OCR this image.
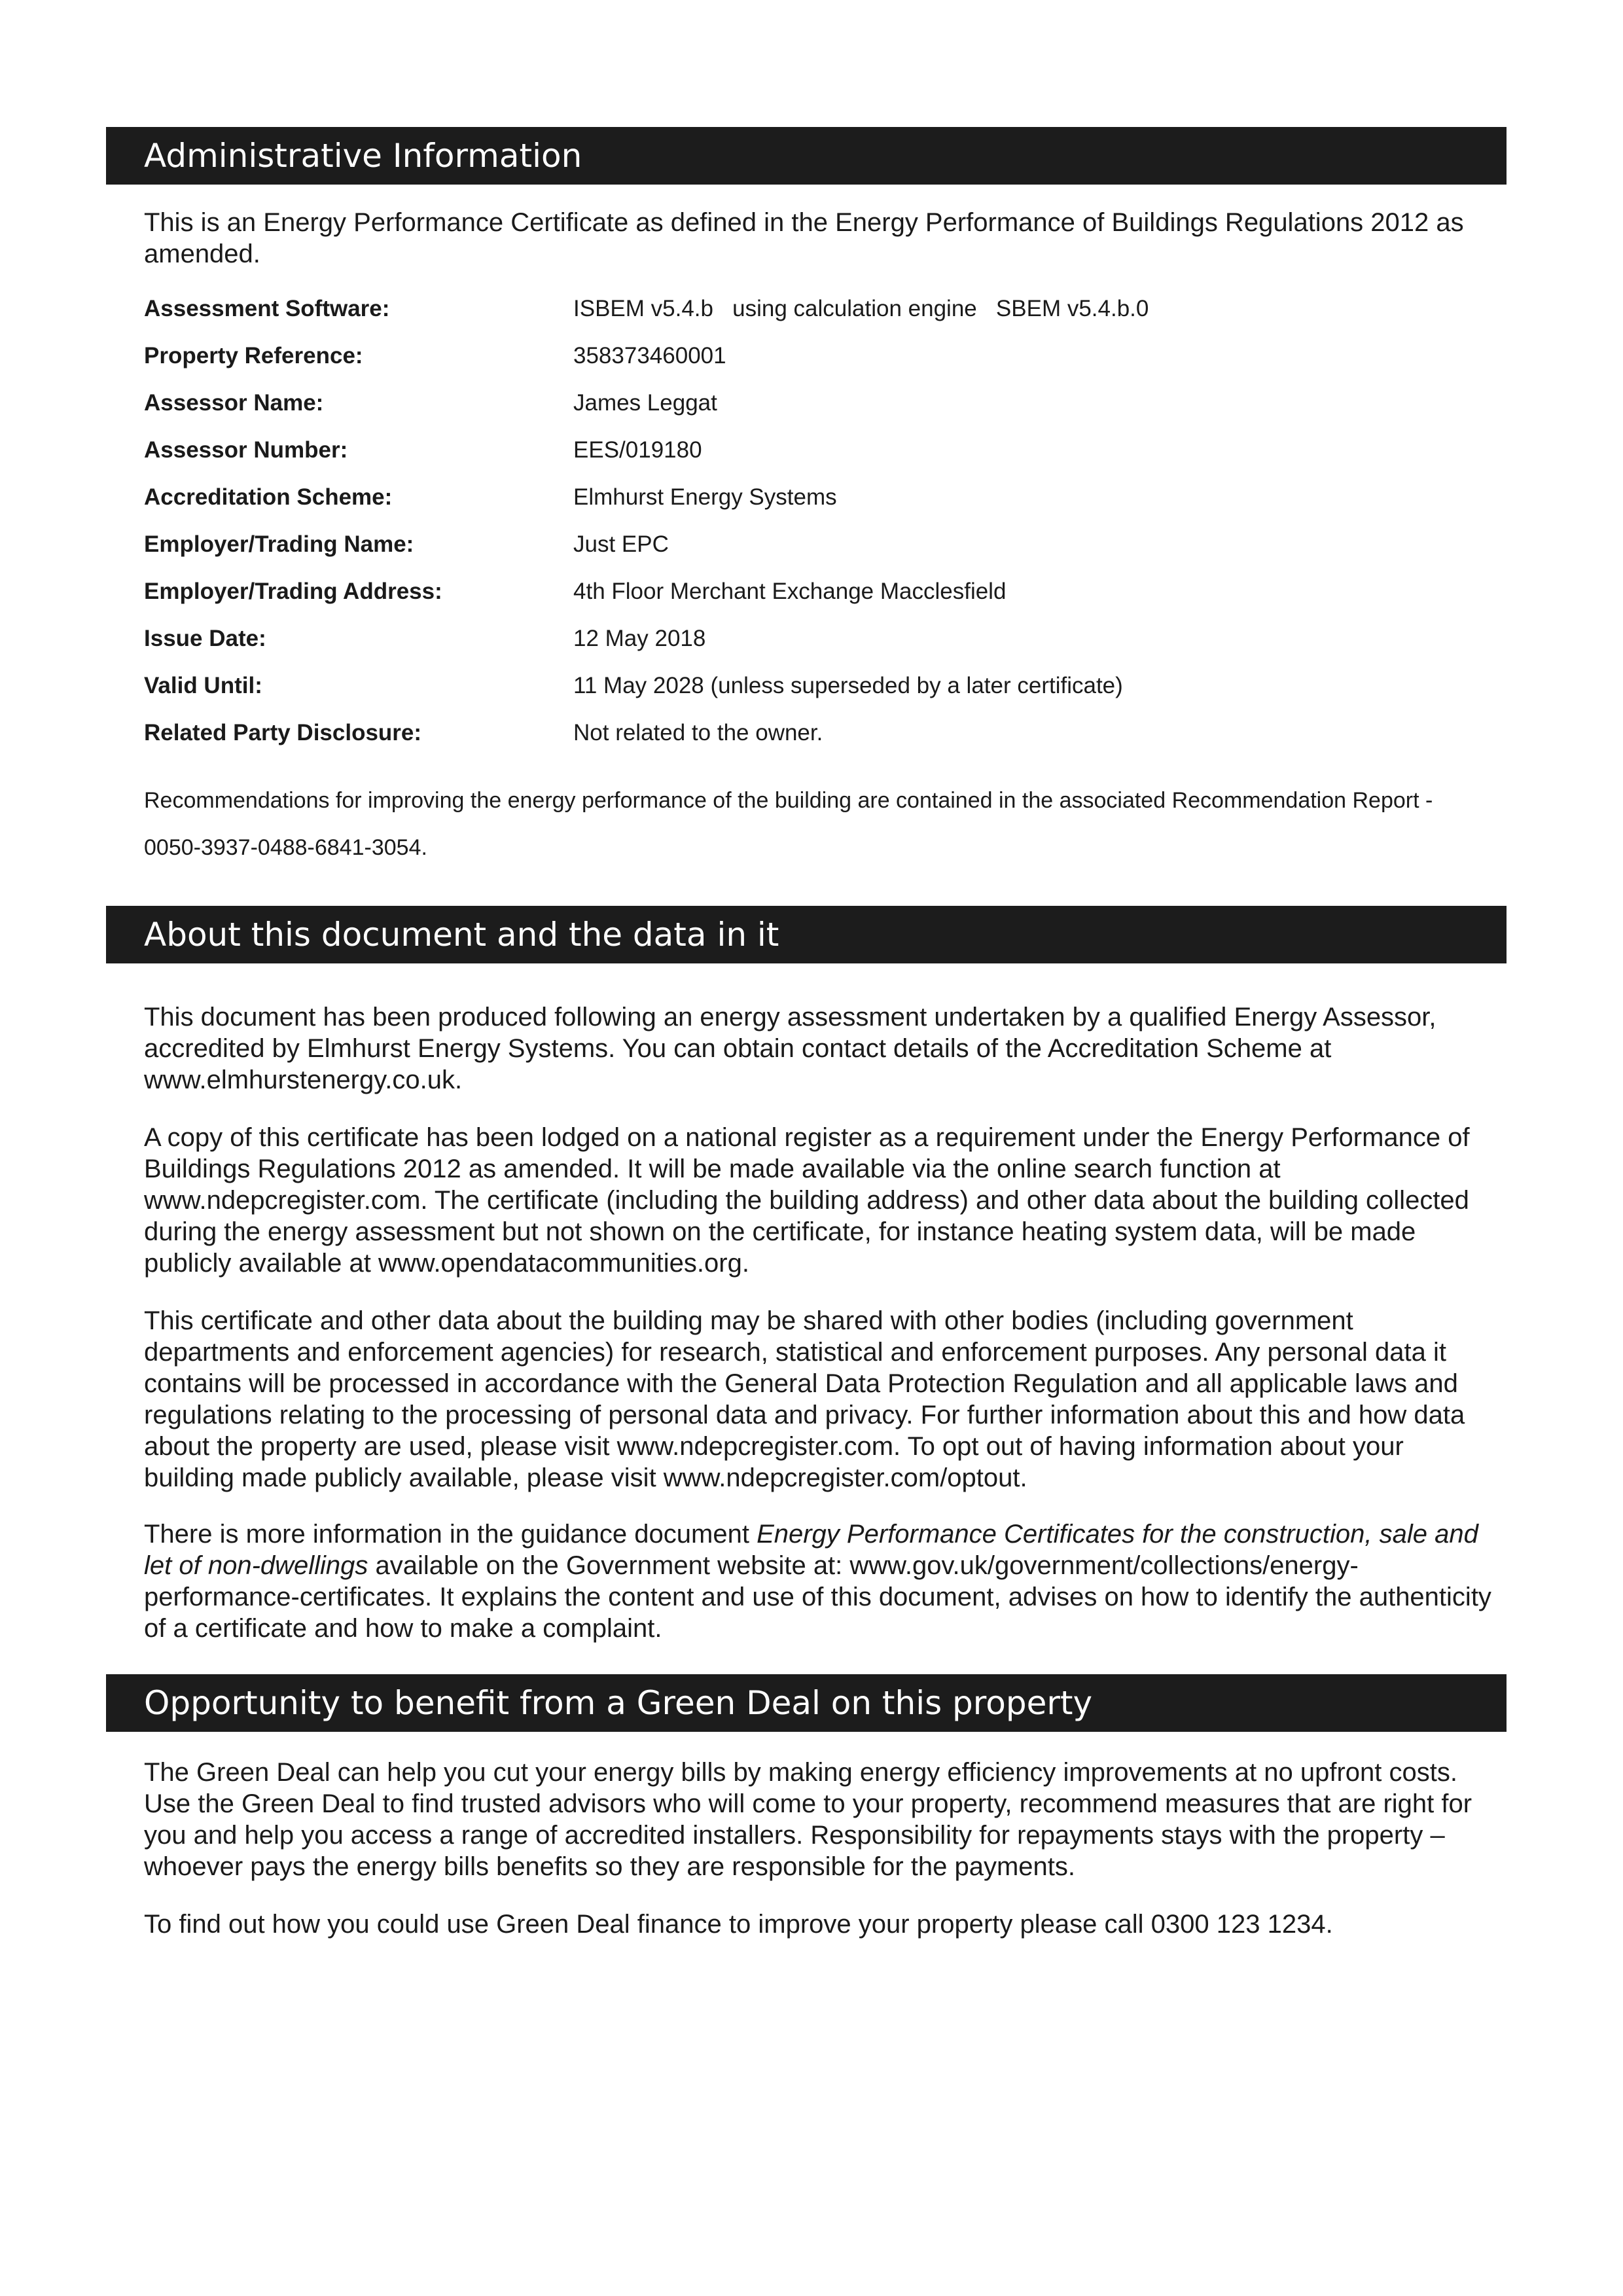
Administrative Information

This is an Energy Performance Certificate as defined in the Energy Performance of Buildings Regulations 2012 as amended.

Assessment Software:	ISBEM v5.4.b   using calculation engine   SBEM v5.4.b.0
Property Reference:	358373460001
Assessor Name:	James Leggat
Assessor Number:	EES/019180
Accreditation Scheme:	Elmhurst Energy Systems
Employer/Trading Name:	Just EPC
Employer/Trading Address:	4th Floor Merchant Exchange Macclesfield
Issue Date:	12 May 2018
Valid Until:	11 May 2028 (unless superseded by a later certificate)
Related Party Disclosure:	Not related to the owner.
Recommendations for improving the energy performance of the building are contained in the associated Recommendation Report -
0050-3937-0488-6841-3054.
About this document and the data in it

This document has been produced following an energy assessment undertaken by a qualified Energy Assessor, accredited by Elmhurst Energy Systems. You can obtain contact details of the Accreditation Scheme at www.elmhurstenergy.co.uk.

A copy of this certificate has been lodged on a national register as a requirement under the Energy Performance of Buildings Regulations 2012 as amended. It will be made available via the online search function at www.ndepcregister.com. The certificate (including the building address) and other data about the building collected during the energy assessment but not shown on the certificate, for instance heating system data, will be made publicly available at www.opendatacommunities.org.

This certificate and other data about the building may be shared with other bodies (including government departments and enforcement agencies) for research, statistical and enforcement purposes. Any personal data it contains will be processed in accordance with the General Data Protection Regulation and all applicable laws and regulations relating to the processing of personal data and privacy. For further information about this and how data about the property are used, please visit www.ndepcregister.com. To opt out of having information about your building made publicly available, please visit www.ndepcregister.com/optout.

There is more information in the guidance document Energy Performance Certificates for the construction, sale and let of non-dwellings available on the Government website at: www.gov.uk/government/collections/energy-performance-certificates. It explains the content and use of this document, advises on how to identify the authenticity of a certificate and how to make a complaint.

Opportunity to benefit from a Green Deal on this property

The Green Deal can help you cut your energy bills by making energy efficiency improvements at no upfront costs. Use the Green Deal to find trusted advisors who will come to your property, recommend measures that are right for you and help you access a range of accredited installers. Responsibility for repayments stays with the property – whoever pays the energy bills benefits so they are responsible for the payments.

To find out how you could use Green Deal finance to improve your property please call 0300 123 1234.
